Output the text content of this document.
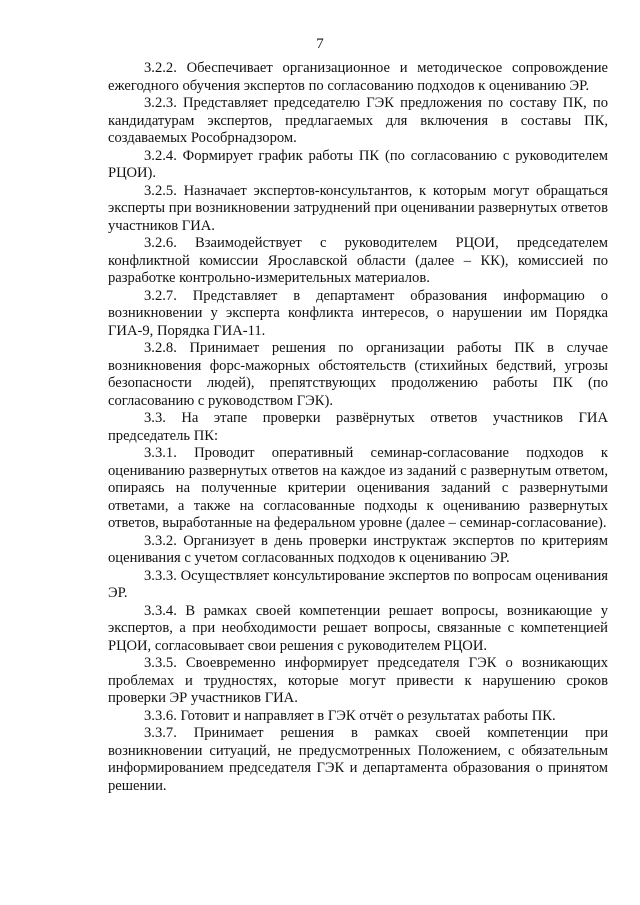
7

3.2.2. Обеспечивает организационное и методическое сопровождение ежегодного обучения экспертов по согласованию подходов к оцениванию ЭР.

3.2.3. Представляет председателю ГЭК предложения по составу ПК, по кандидатурам экспертов, предлагаемых для включения в составы ПК, создаваемых Рособрнадзором.

3.2.4. Формирует график работы ПК (по согласованию с руководителем РЦОИ).

3.2.5. Назначает экспертов-консультантов, к которым могут обращаться эксперты при возникновении затруднений при оценивании развернутых ответов участников ГИА.

3.2.6. Взаимодействует с руководителем РЦОИ, председателем конфликтной комиссии Ярославской области (далее – КК), комиссией по разработке контрольно-измерительных материалов.

3.2.7. Представляет в департамент образования информацию о возникновении у эксперта конфликта интересов, о нарушении им Порядка ГИА-9, Порядка ГИА-11.

3.2.8. Принимает решения по организации работы ПК в случае возникновения форс-мажорных обстоятельств (стихийных бедствий, угрозы безопасности людей), препятствующих продолжению работы ПК (по согласованию с руководством ГЭК).

3.3. На этапе проверки развёрнутых ответов участников ГИА председатель ПК:

3.3.1. Проводит оперативный семинар-согласование подходов к оцениванию развернутых ответов на каждое из заданий с развернутым ответом, опираясь на полученные критерии оценивания заданий с развернутыми ответами, а также на согласованные подходы к оцениванию развернутых ответов, выработанные на федеральном уровне (далее – семинар-согласование).

3.3.2. Организует в день проверки инструктаж экспертов по критериям оценивания с учетом согласованных подходов к оцениванию ЭР.

3.3.3. Осуществляет консультирование экспертов по вопросам оценивания ЭР.

3.3.4. В рамках своей компетенции решает вопросы, возникающие у экспертов, а при необходимости решает вопросы, связанные с компетенцией РЦОИ, согласовывает свои решения с руководителем РЦОИ.

3.3.5. Своевременно информирует председателя ГЭК о возникающих проблемах и трудностях, которые могут привести к нарушению сроков проверки ЭР участников ГИА.

3.3.6. Готовит и направляет в ГЭК отчёт о результатах работы ПК.

3.3.7. Принимает решения в рамках своей компетенции при возникновении ситуаций, не предусмотренных Положением, с обязательным информированием председателя ГЭК и департамента образования о принятом решении.
